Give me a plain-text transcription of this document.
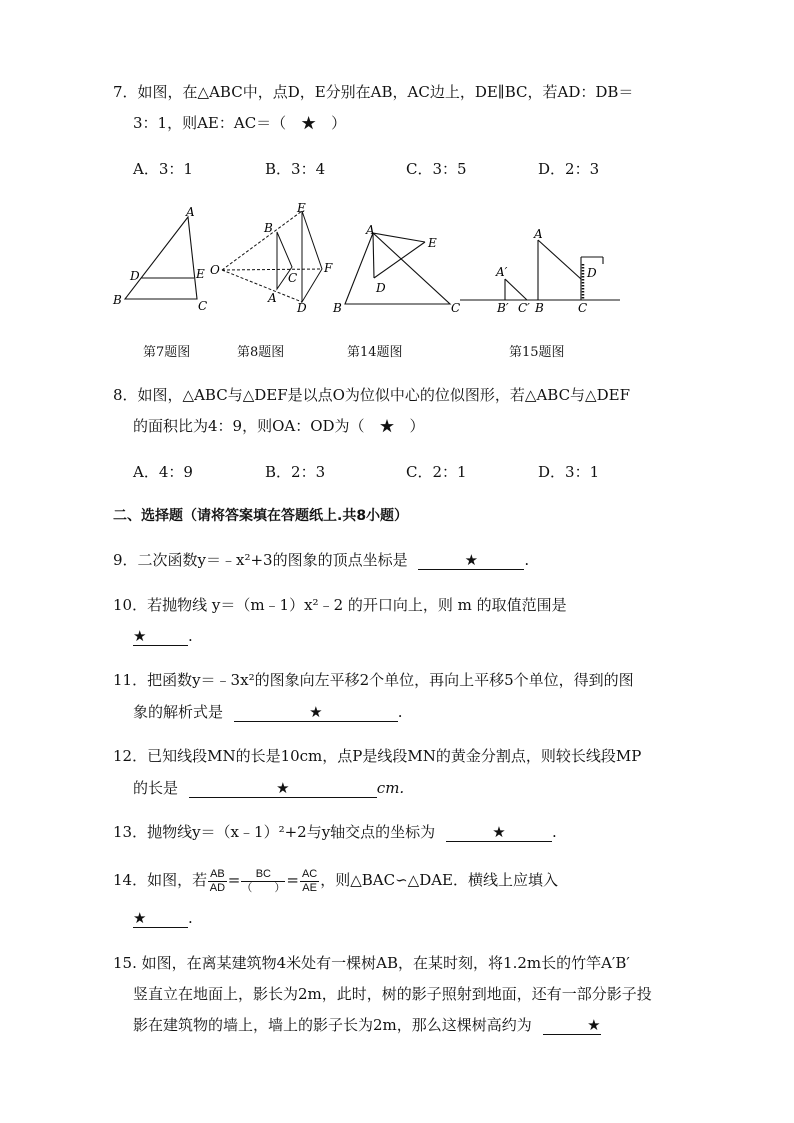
7．如图，在△ABC中，点D，E分别在AB，AC边上，DE∥BC，若AD：DB＝
3：1，则AE：AC＝（　★　）
A．3：1	B．3：4	C．3：5	D．2：3
A
B	C
D	E O
B
C
A
E
F
D
A
E
D
B	C
A′
B′ C′ B
A
C
D
第7题图	第8题图	第14题图	第15题图
8．如图，△ABC与△DEF是以点O为位似中心的位似图形，若△ABC与△DEF
的面积比为4：9，则OA：OD为（　★　）
A．4：9	B．2：3	C．2：1	D．3：1
二、选择题（请将答案填在答题纸上.共8小题）
9．二次函数y＝﹣x²+3的图象的顶点坐标是	★	.
10．若抛物线 y＝（m﹣1）x²﹣2 的开口向上，则 m 的取值范围是
★	.
11．把函数y＝﹣3x²的图象向左平移2个单位，再向上平移5个单位，得到的图
象的解析式是	★	.
12．已知线段MN的长是10cm，点P是线段MN的黄金分割点，则较长线段MP
的长是	★	cm.
13．抛物线y＝（x﹣1）²+2与y轴交点的坐标为	★	.
14．如图，若 $\frac{AB}{AD} = \frac{BC}{( )} = \frac{AC}{AE}$ ，则△BAC∽△DAE．横线上应填入
★	.
15. 如图，在离某建筑物4米处有一棵树AB，在某时刻，将1.2m长的竹竿A′B′
竖直立在地面上，影长为2m，此时，树的影子照射到地面，还有一部分影子投
影在建筑物的墙上，墙上的影子长为2m，那么这棵树高约为	★
